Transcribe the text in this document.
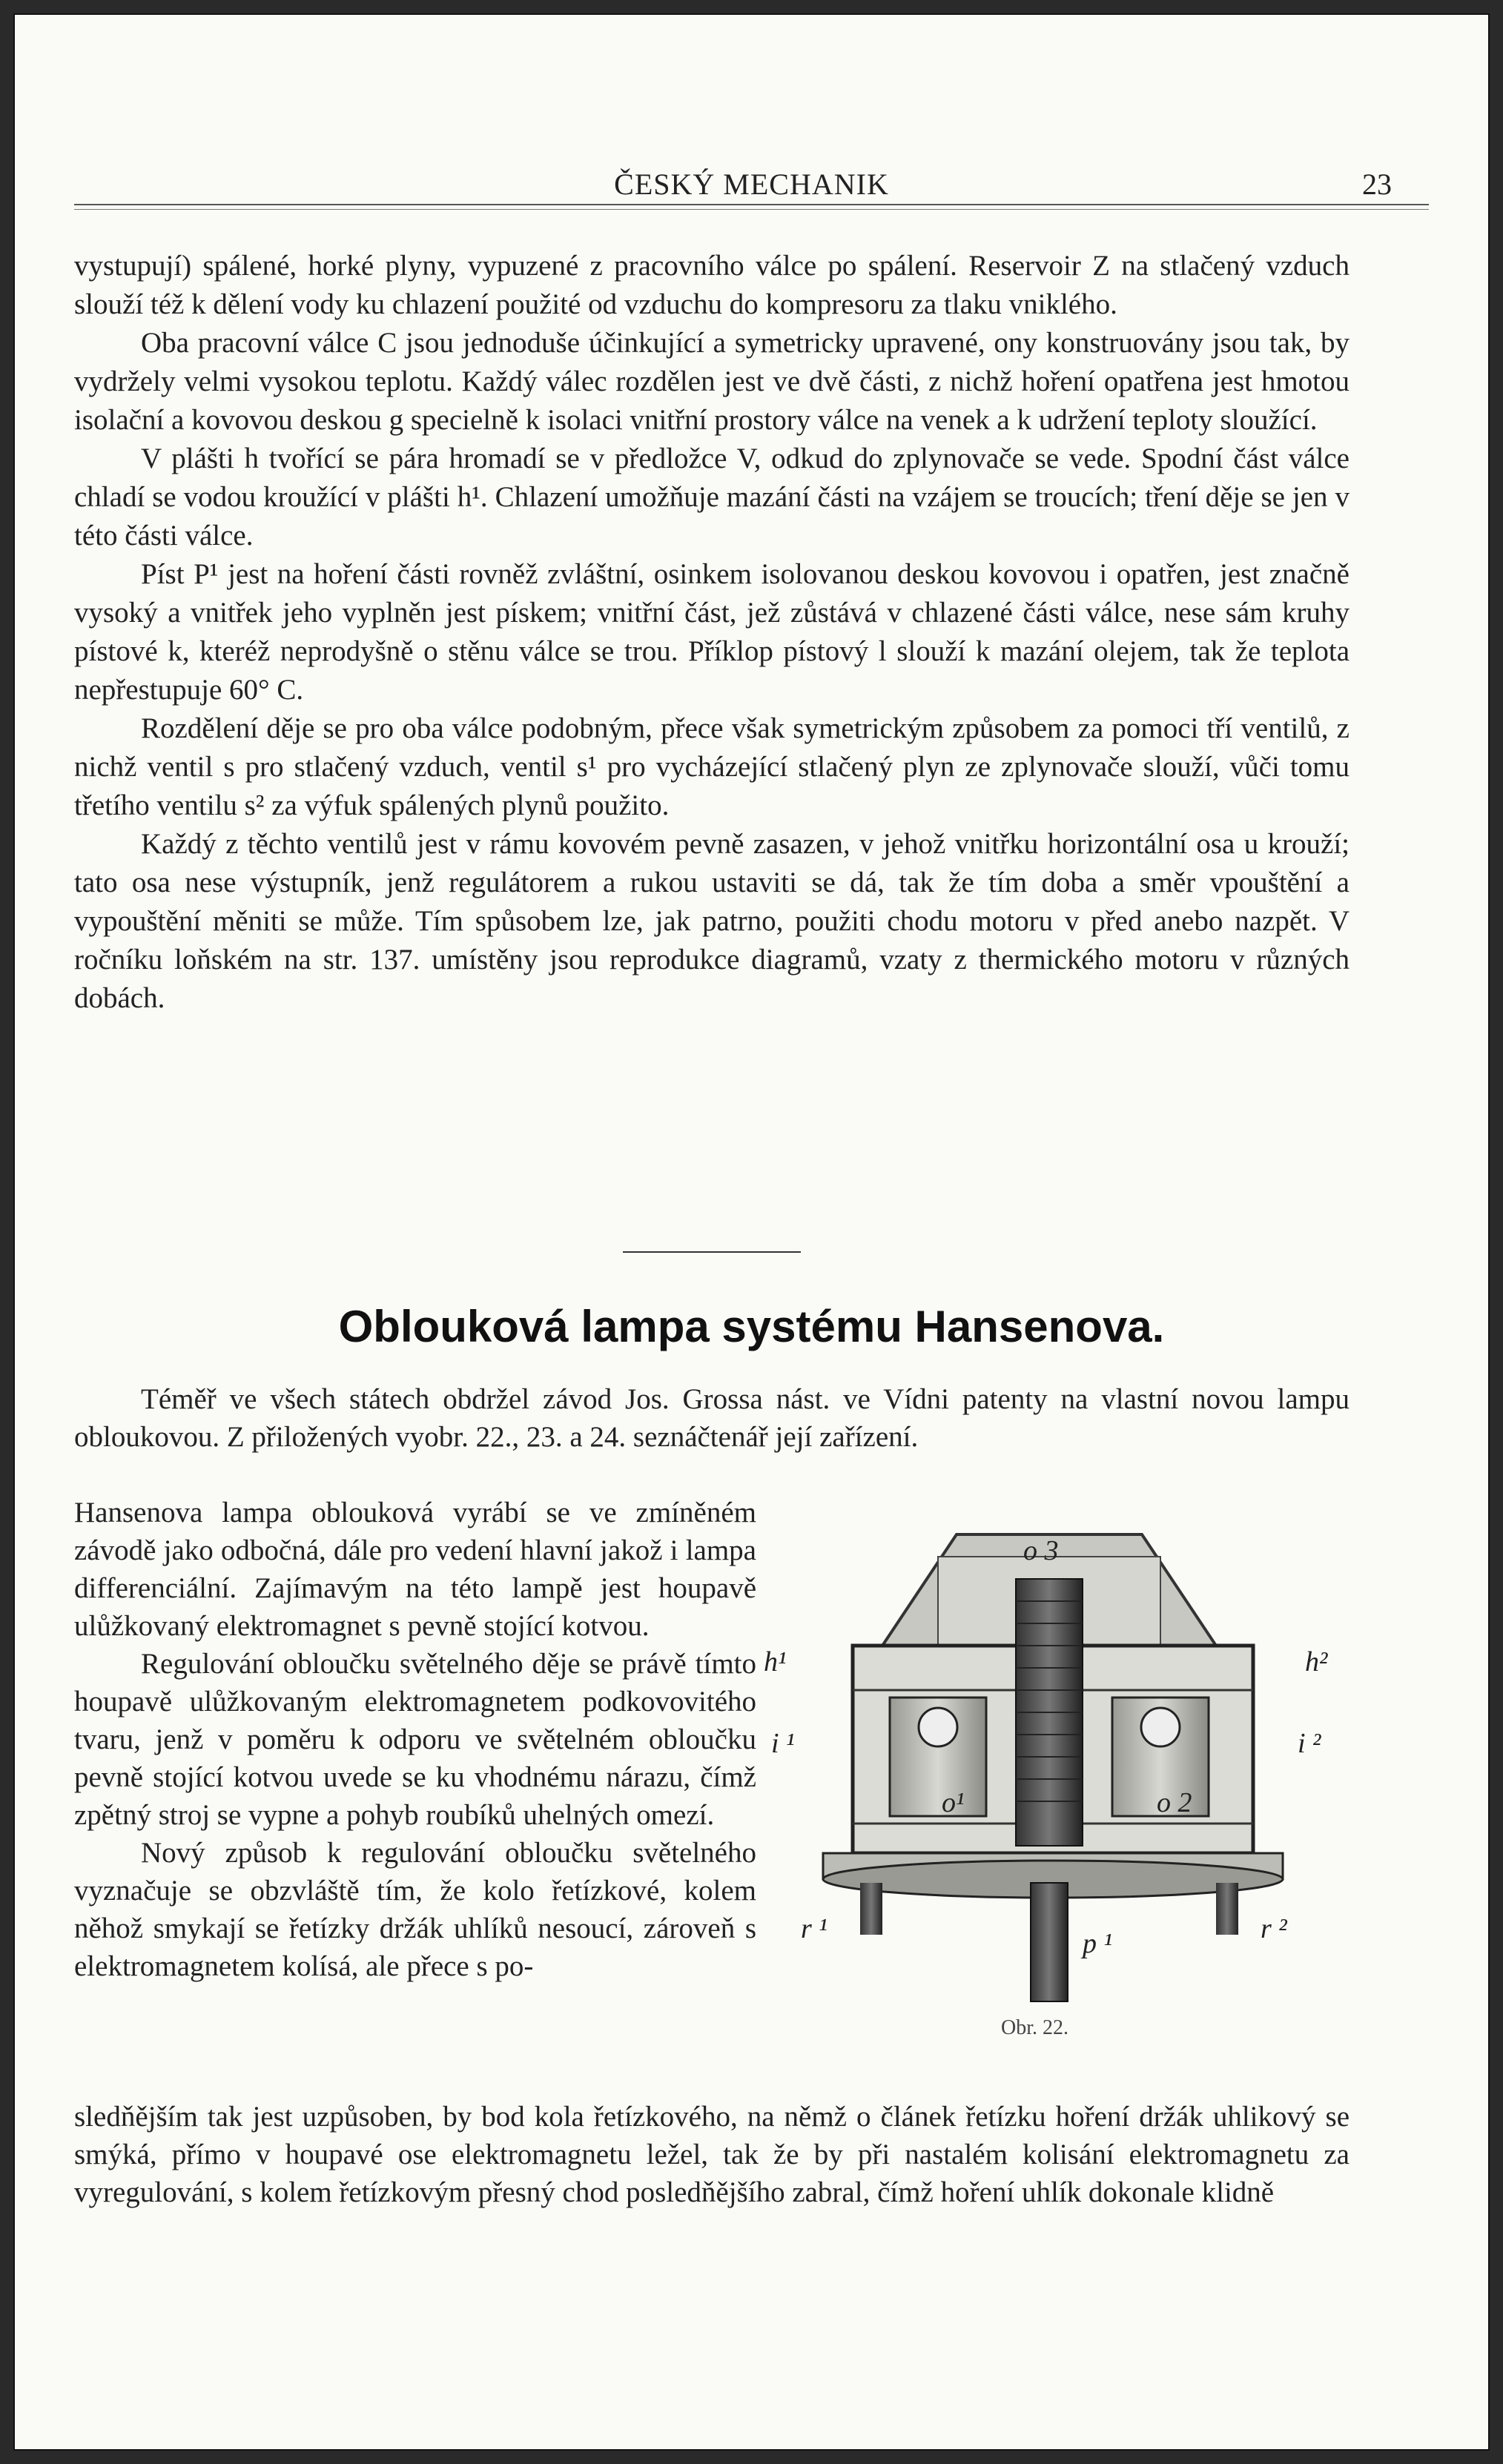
ČESKÝ MECHANIK	23

vystupují) spálené, horké plyny, vypuzené z pracovního válce po spálení. Reservoir Z na stlačený vzduch slouží též k dělení vody ku chlazení použité od vzduchu do kompresoru za tlaku vniklého.

Oba pracovní válce C jsou jednoduše účinkující a symetricky upravené, ony konstruovány jsou tak, by vydržely velmi vysokou teplotu. Každý válec rozdělen jest ve dvě části, z nichž hoření opatřena jest hmotou isolační a kovovou deskou g specielně k isolaci vnitřní prostory válce na venek a k udržení teploty sloužící.

V plášti h tvořící se pára hromadí se v předložce V, odkud do zplynovače se vede. Spodní část válce chladí se vodou kroužící v plášti h¹. Chlazení umožňuje mazání části na vzájem se troucích; tření děje se jen v této části válce.

Píst P¹ jest na hoření části rovněž zvláštní, osinkem isolovanou deskou kovovou i opatřen, jest značně vysoký a vnitřek jeho vyplněn jest pískem; vnitřní část, jež zůstává v chlazené části válce, nese sám kruhy pístové k, kteréž neprodyšně o stěnu válce se trou. Příklop pístový l slouží k mazání olejem, tak že teplota nepřestupuje 60° C.

Rozdělení děje se pro oba válce podobným, přece však symetrickým způsobem za pomoci tří ventilů, z nichž ventil s pro stlačený vzduch, ventil s¹ pro vycházející stlačený plyn ze zplynovače slouží, vůči tomu třetího ventilu s² za výfuk spálených plynů použito.

Každý z těchto ventilů jest v rámu kovovém pevně zasazen, v jehož vnitřku horizontální osa u krouží; tato osa nese výstupník, jenž regulátorem a rukou ustaviti se dá, tak že tím doba a směr vpouštění a vypouštění měniti se může. Tím spůsobem lze, jak patrno, použiti chodu motoru v před anebo nazpět. V ročníku loňském na str. 137. umístěny jsou reprodukce diagramů, vzaty z thermického motoru v různých dobách.

Oblouková lampa systému Hansenova.

Téměř ve všech státech obdržel závod Jos. Grossa nást. ve Vídni patenty na vlastní novou lampu obloukovou. Z přiložených vyobr. 22., 23. a 24. seznáčtenář její zařízení.

Hansenova lampa oblouková vyrábí se ve zmíněném závodě jako odbočná, dále pro vedení hlavní jakož i lampa differenciální. Zajímavým na této lampě jest houpavě ulůžkovaný elektromagnet s pevně stojící kotvou.

Regulování obloučku světelného děje se právě tímto houpavě ulůžkovaným elektromagnetem podkovovitého tvaru, jenž v poměru k odporu ve světelném obloučku pevně stojící kotvou uvede se ku vhodnému nárazu, čímž zpětný stroj se vypne a pohyb roubíků uhelných omezí.

Nový způsob k regulování obloučku světelného vyznačuje se obzvláště tím, že kolo řetízkové, kolem něhož smykají se řetízky držák uhlíků nesoucí, zároveň s elektromagnetem kolísá, ale přece s po-

sledňějším tak jest uzpůsoben, by bod kola řetízkového, na němž o článek řetízku hoření držák uhlikový se smýká, přímo v houpavé ose elektromagnetu ležel, tak že by při nastalém kolisání elektromagnetu za vyregulování, s kolem řetízkovým přesný chod posledňějšího zabral, čímž hoření uhlík dokonale klidně

o 3
h¹	h²
i ¹	i ²
o¹	o 2
r ¹	r ²
p ¹
Obr. 22.
